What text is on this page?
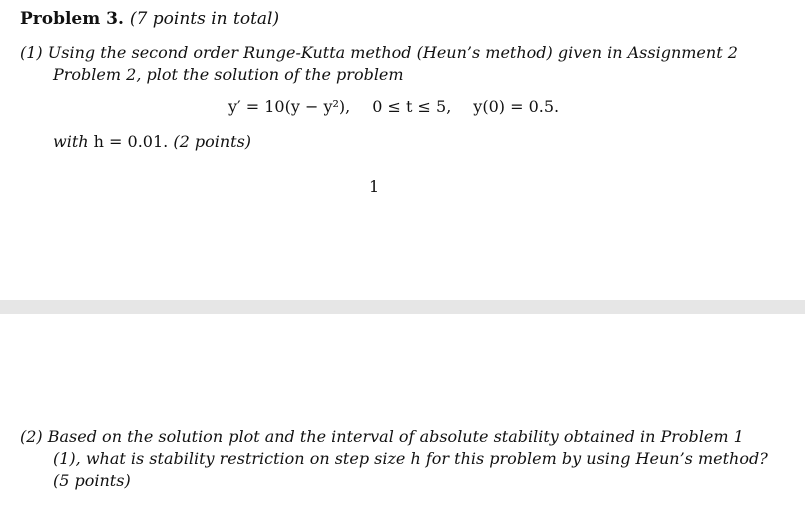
Problem 3. (7 points in total)
(1) Using the second order Runge-Kutta method (Heun’s method) given in Assignment 2
Problem 2, plot the solution of the problem
y′ = 10(y − y²), 0 ≤ t ≤ 5, y(0) = 0.5.
with h = 0.01. (2 points)
1
(2) Based on the solution plot and the interval of absolute stability obtained in Problem 1
(1), what is stability restriction on step size h for this problem by using Heun’s method?
(5 points)
